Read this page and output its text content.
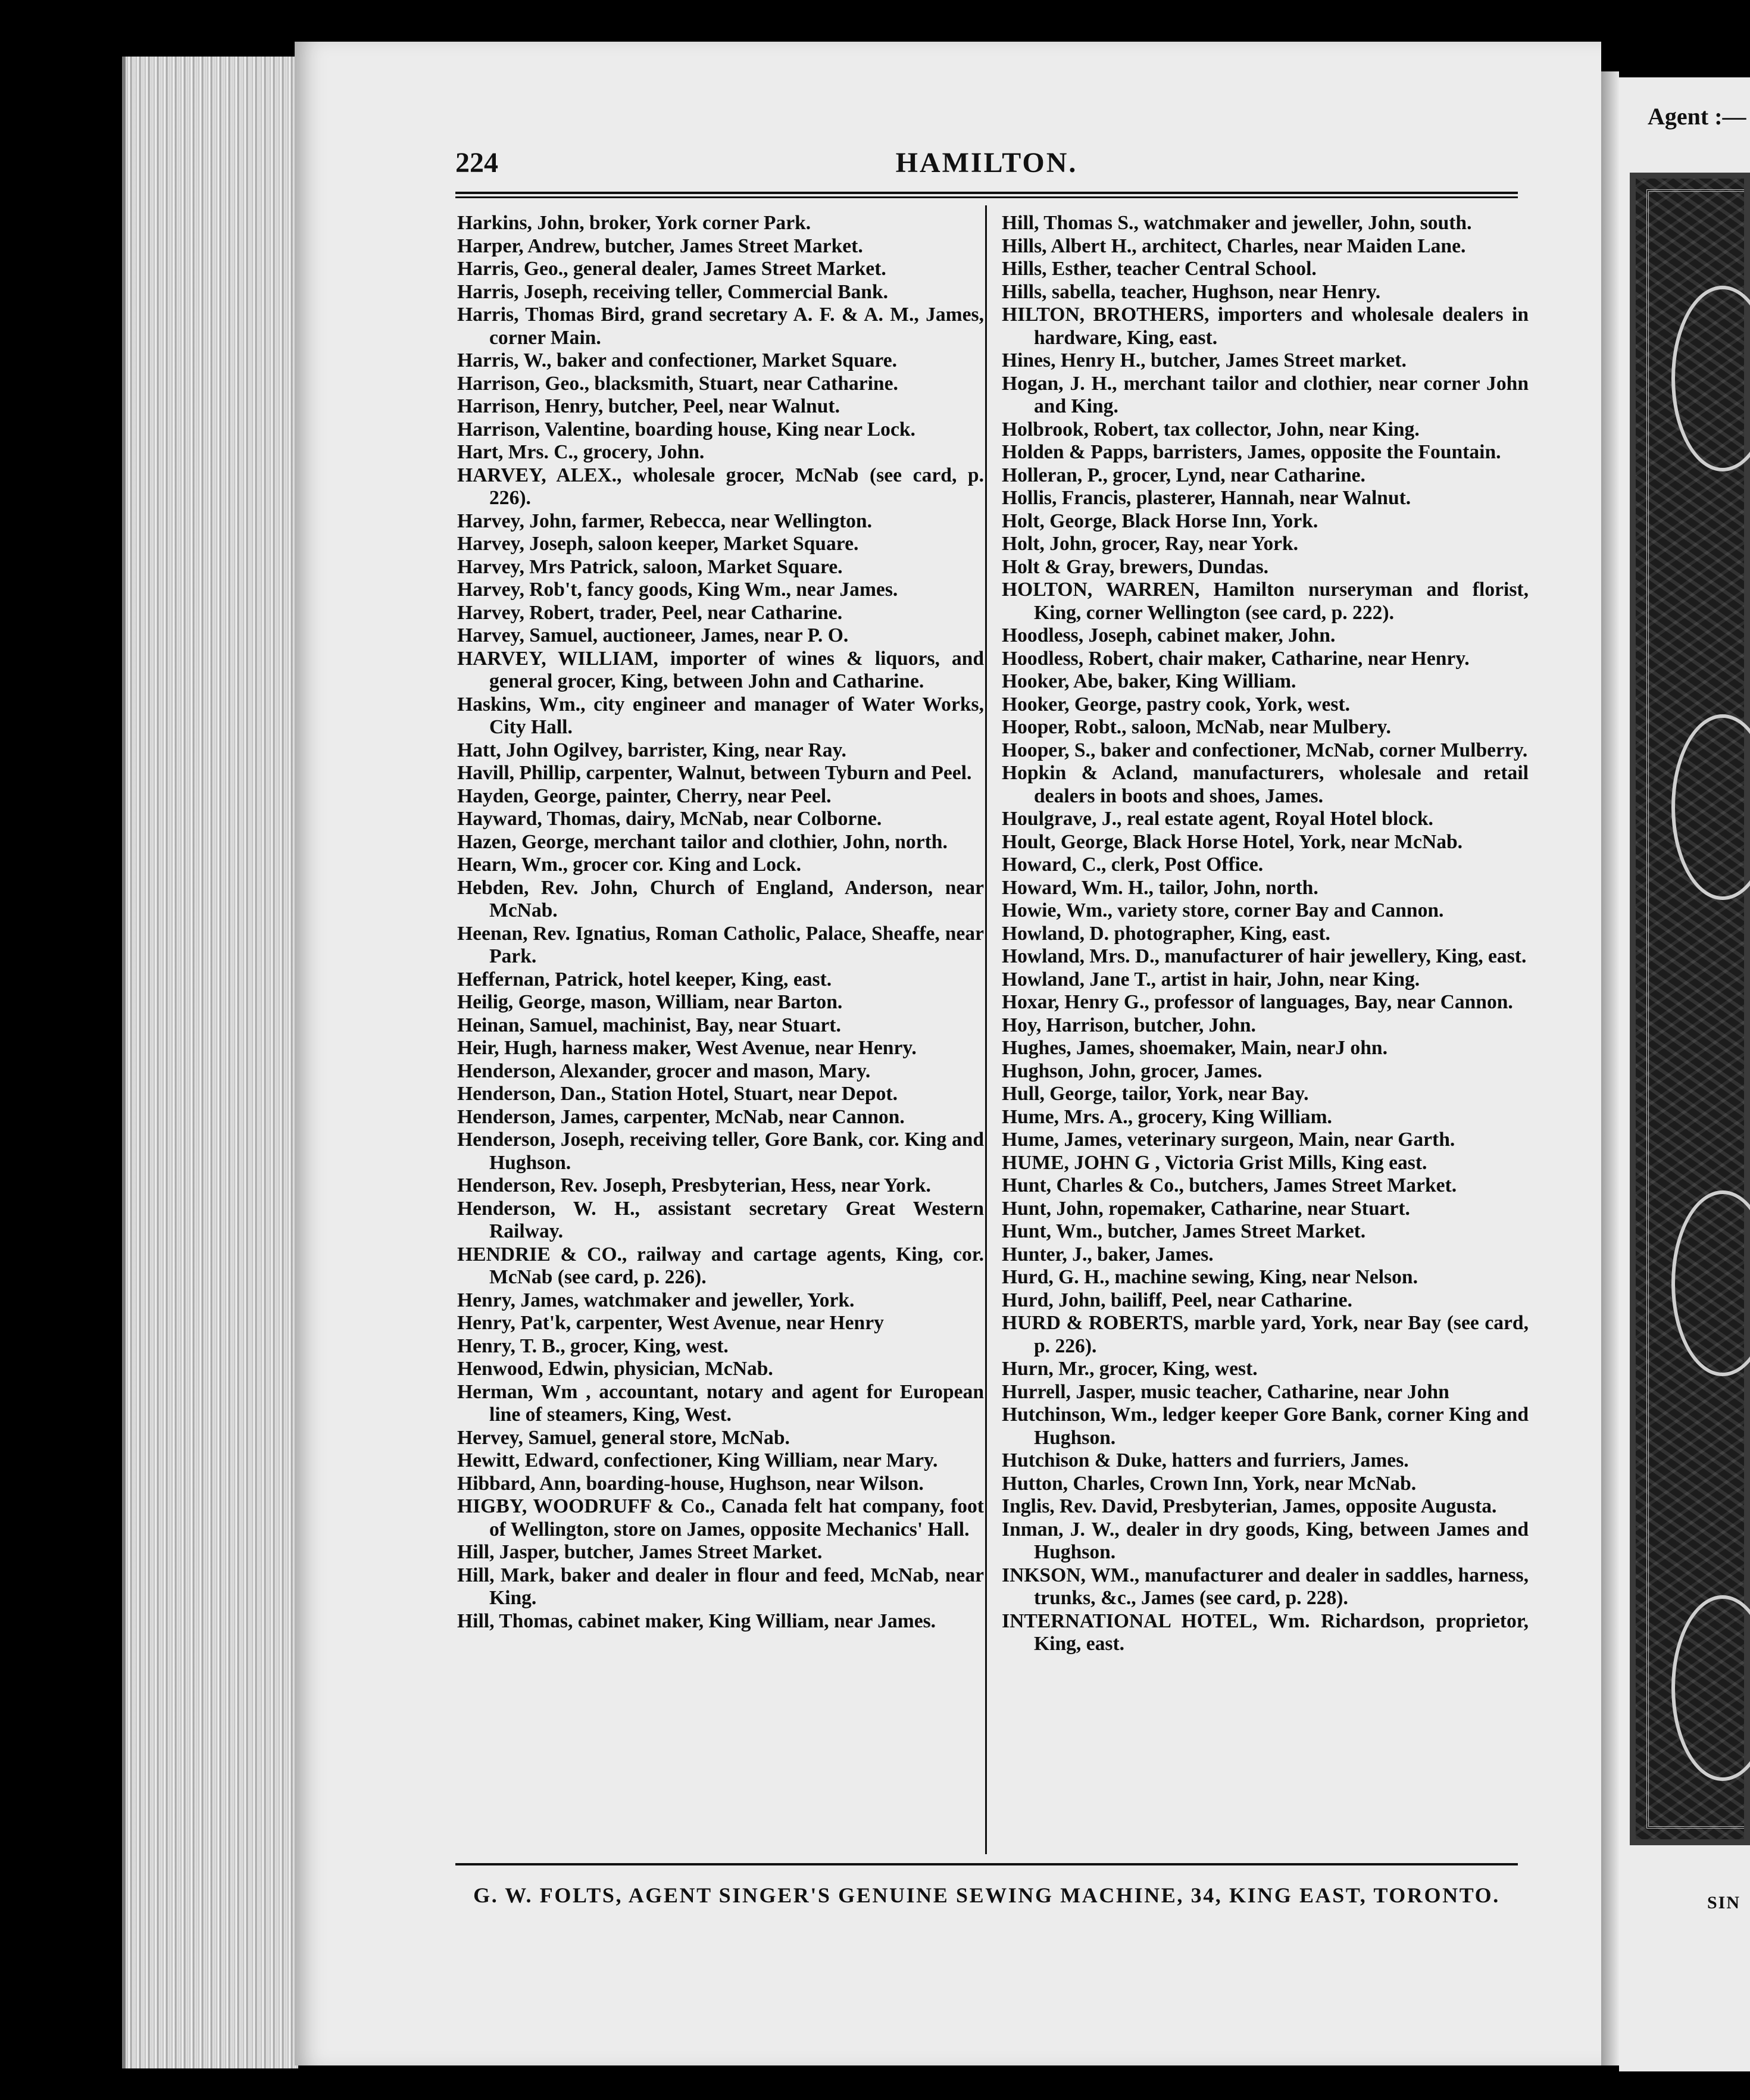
Agent :—
SIN
224	HAMILTON.
Harkins, John, broker, York corner Park.
Harper, Andrew, butcher, James Street Market.
Harris, Geo., general dealer, James Street Market.
Harris, Joseph, receiving teller, Commercial Bank.
Harris, Thomas Bird, grand secretary A. F. & A. M., James, corner Main.
Harris, W., baker and confectioner, Market Square.
Harrison, Geo., blacksmith, Stuart, near Catharine.
Harrison, Henry, butcher, Peel, near Walnut.
Harrison, Valentine, boarding house, King near Lock.
Hart, Mrs. C., grocery, John.
HARVEY, ALEX., wholesale grocer, McNab (see card, p. 226).
Harvey, John, farmer, Rebecca, near Wellington.
Harvey, Joseph, saloon keeper, Market Square.
Harvey, Mrs Patrick, saloon, Market Square.
Harvey, Rob't, fancy goods, King Wm., near James.
Harvey, Robert, trader, Peel, near Catharine.
Harvey, Samuel, auctioneer, James, near P. O.
HARVEY, WILLIAM, importer of wines & liquors, and general grocer, King, between John and Catharine.
Haskins, Wm., city engineer and manager of Water Works, City Hall.
Hatt, John Ogilvey, barrister, King, near Ray.
Havill, Phillip, carpenter, Walnut, between Tyburn and Peel.
Hayden, George, painter, Cherry, near Peel.
Hayward, Thomas, dairy, McNab, near Colborne.
Hazen, George, merchant tailor and clothier, John, north.
Hearn, Wm., grocer cor. King and Lock.
Hebden, Rev. John, Church of England, Anderson, near McNab.
Heenan, Rev. Ignatius, Roman Catholic, Palace, Sheaffe, near Park.
Heffernan, Patrick, hotel keeper, King, east.
Heilig, George, mason, William, near Barton.
Heinan, Samuel, machinist, Bay, near Stuart.
Heir, Hugh, harness maker, West Avenue, near Henry.
Henderson, Alexander, grocer and mason, Mary.
Henderson, Dan., Station Hotel, Stuart, near Depot.
Henderson, James, carpenter, McNab, near Cannon.
Henderson, Joseph, receiving teller, Gore Bank, cor. King and Hughson.
Henderson, Rev. Joseph, Presbyterian, Hess, near York.
Henderson, W. H., assistant secretary Great Western Railway.
HENDRIE & CO., railway and cartage agents, King, cor. McNab (see card, p. 226).
Henry, James, watchmaker and jeweller, York.
Henry, Pat'k, carpenter, West Avenue, near Henry
Henry, T. B., grocer, King, west.
Henwood, Edwin, physician, McNab.
Herman, Wm , accountant, notary and agent for European line of steamers, King, West.
Hervey, Samuel, general store, McNab.
Hewitt, Edward, confectioner, King William, near Mary.
Hibbard, Ann, boarding-house, Hughson, near Wilson.
HIGBY, WOODRUFF & Co., Canada felt hat company, foot of Wellington, store on James, opposite Mechanics' Hall.
Hill, Jasper, butcher, James Street Market.
Hill, Mark, baker and dealer in flour and feed, McNab, near King.
Hill, Thomas, cabinet maker, King William, near James.
Hill, Thomas S., watchmaker and jeweller, John, south.
Hills, Albert H., architect, Charles, near Maiden Lane.
Hills, Esther, teacher Central School.
Hills, sabella, teacher, Hughson, near Henry.
HILTON, BROTHERS, importers and wholesale dealers in hardware, King, east.
Hines, Henry H., butcher, James Street market.
Hogan, J. H., merchant tailor and clothier, near corner John and King.
Holbrook, Robert, tax collector, John, near King.
Holden & Papps, barristers, James, opposite the Fountain.
Holleran, P., grocer, Lynd, near Catharine.
Hollis, Francis, plasterer, Hannah, near Walnut.
Holt, George, Black Horse Inn, York.
Holt, John, grocer, Ray, near York.
Holt & Gray, brewers, Dundas.
HOLTON, WARREN, Hamilton nurseryman and florist, King, corner Wellington (see card, p. 222).
Hoodless, Joseph, cabinet maker, John.
Hoodless, Robert, chair maker, Catharine, near Henry.
Hooker, Abe, baker, King William.
Hooker, George, pastry cook, York, west.
Hooper, Robt., saloon, McNab, near Mulbery.
Hooper, S., baker and confectioner, McNab, corner Mulberry.
Hopkin & Acland, manufacturers, wholesale and retail dealers in boots and shoes, James.
Houlgrave, J., real estate agent, Royal Hotel block.
Hoult, George, Black Horse Hotel, York, near McNab.
Howard, C., clerk, Post Office.
Howard, Wm. H., tailor, John, north.
Howie, Wm., variety store, corner Bay and Cannon.
Howland, D. photographer, King, east.
Howland, Mrs. D., manufacturer of hair jewellery, King, east.
Howland, Jane T., artist in hair, John, near King.
Hoxar, Henry G., professor of languages, Bay, near Cannon.
Hoy, Harrison, butcher, John.
Hughes, James, shoemaker, Main, nearJ ohn.
Hughson, John, grocer, James.
Hull, George, tailor, York, near Bay.
Hume, Mrs. A., grocery, King William.
Hume, James, veterinary surgeon, Main, near Garth.
HUME, JOHN G , Victoria Grist Mills, King east.
Hunt, Charles & Co., butchers, James Street Market.
Hunt, John, ropemaker, Catharine, near Stuart.
Hunt, Wm., butcher, James Street Market.
Hunter, J., baker, James.
Hurd, G. H., machine sewing, King, near Nelson.
Hurd, John, bailiff, Peel, near Catharine.
HURD & ROBERTS, marble yard, York, near Bay (see card, p. 226).
Hurn, Mr., grocer, King, west.
Hurrell, Jasper, music teacher, Catharine, near John
Hutchinson, Wm., ledger keeper Gore Bank, corner King and Hughson.
Hutchison & Duke, hatters and furriers, James.
Hutton, Charles, Crown Inn, York, near McNab.
Inglis, Rev. David, Presbyterian, James, opposite Augusta.
Inman, J. W., dealer in dry goods, King, between James and Hughson.
INKSON, WM., manufacturer and dealer in saddles, harness, trunks, &c., James (see card, p. 228).
INTERNATIONAL HOTEL, Wm. Richardson, proprietor, King, east.
G. W. FOLTS, AGENT SINGER'S GENUINE SEWING MACHINE, 34, KING EAST, TORONTO.
